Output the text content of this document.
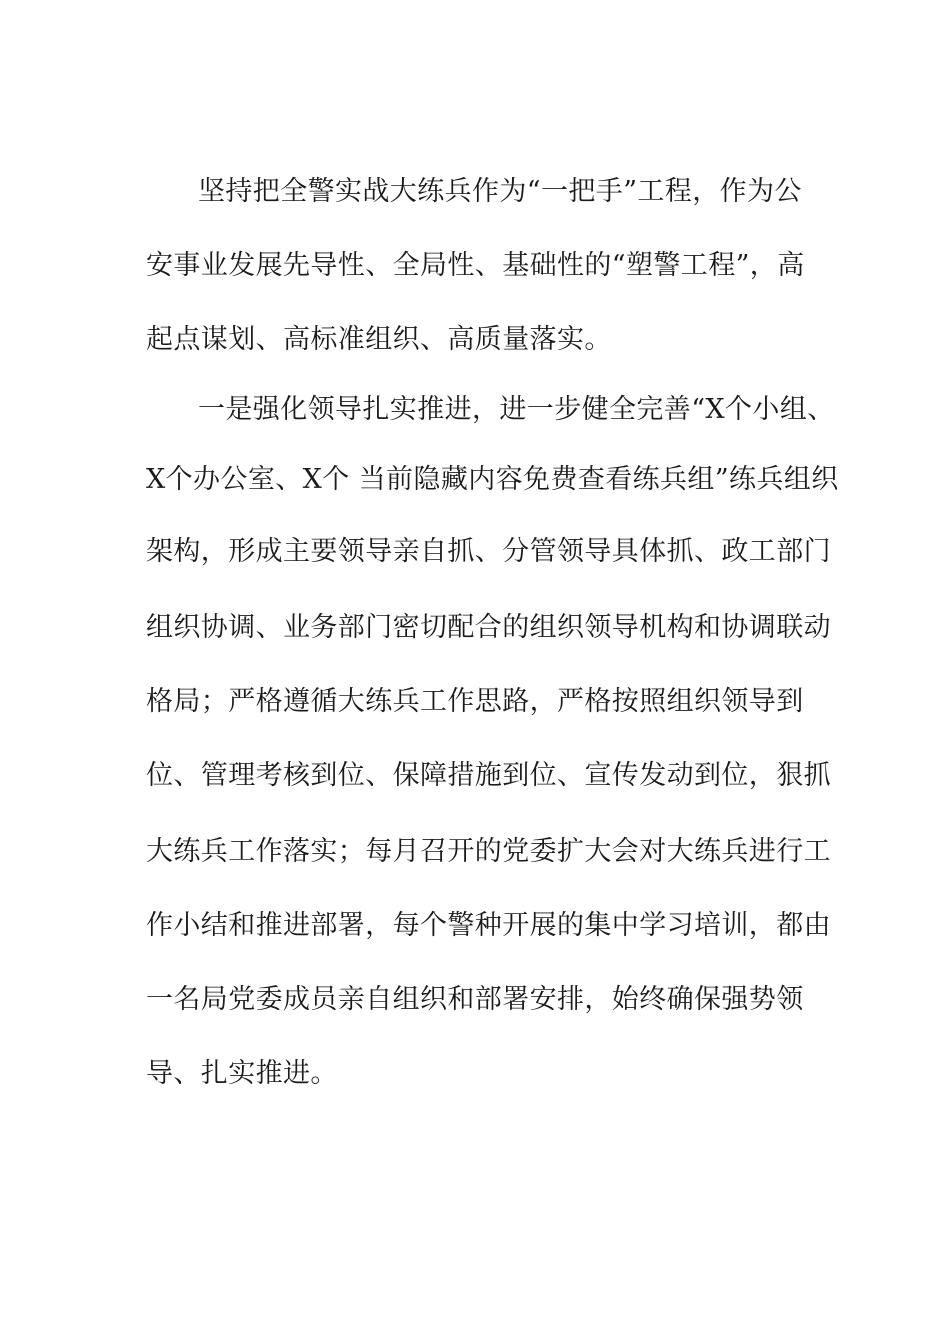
坚持把全警实战大练兵作为“一把手”工程，作为公
安事业发展先导性、全局性、基础性的“塑警工程”，高
起点谋划、高标准组织、高质量落实。
一是强化领导扎实推进，进一步健全完善“X个小组、
X个办公室、X个 当前隐藏内容免费查看练兵组”练兵组织
架构，形成主要领导亲自抓、分管领导具体抓、政工部门
组织协调、业务部门密切配合的组织领导机构和协调联动
格局；严格遵循大练兵工作思路，严格按照组织领导到
位、管理考核到位、保障措施到位、宣传发动到位，狠抓
大练兵工作落实；每月召开的党委扩大会对大练兵进行工
作小结和推进部署，每个警种开展的集中学习培训，都由
一名局党委成员亲自组织和部署安排，始终确保强势领
导、扎实推进。
